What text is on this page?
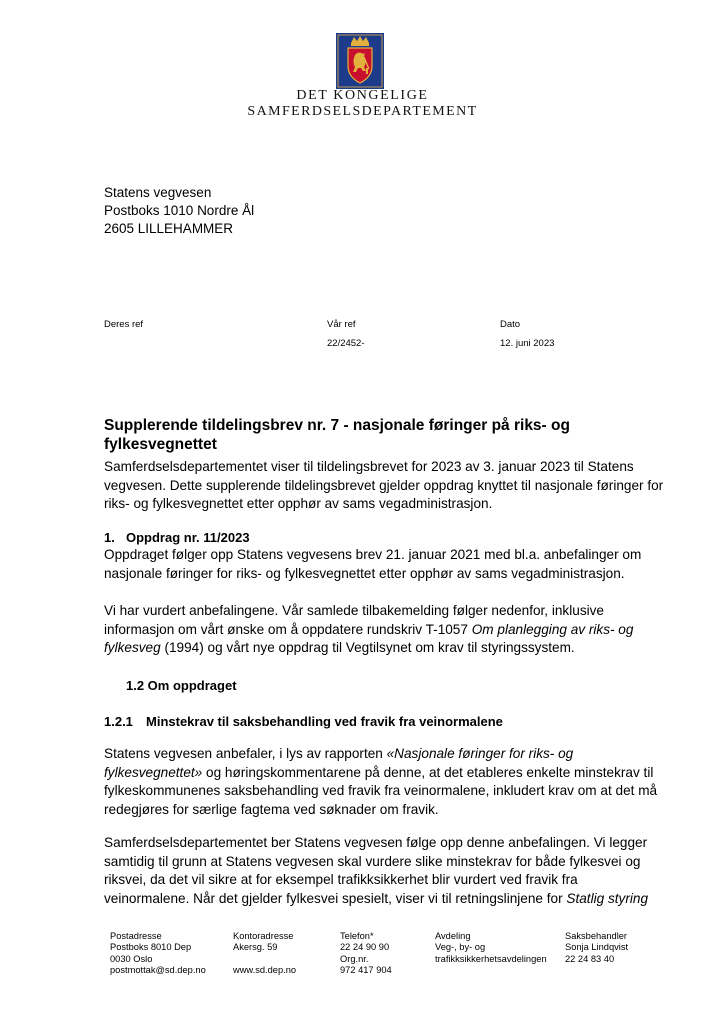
DET KONGELIGE
SAMFERDSELSDEPARTEMENT
Statens vegvesen
Postboks 1010 Nordre Ål
2605 LILLEHAMMER
Deres ref	Vår ref
22/2452-
Dato
12. juni 2023
Supplerende tildelingsbrev nr. 7 - nasjonale føringer på riks- og fylkesvegnettet

Samferdselsdepartementet viser til tildelingsbrevet for 2023 av 3. januar 2023 til Statens vegvesen. Dette supplerende tildelingsbrevet gjelder oppdrag knyttet til nasjonale føringer for riks- og fylkesvegnettet etter opphør av sams vegadministrasjon.

1. Oppdrag nr. 11/2023

Oppdraget følger opp Statens vegvesens brev 21. januar 2021 med bl.a. anbefalinger om nasjonale føringer for riks- og fylkesvegnettet etter opphør av sams vegadministrasjon.

Vi har vurdert anbefalingene. Vår samlede tilbakemelding følger nedenfor, inklusive informasjon om vårt ønske om å oppdatere rundskriv T-1057 Om planlegging av riks- og fylkesveg (1994) og vårt nye oppdrag til Vegtilsynet om krav til styringssystem.

1.2 Om oppdraget
1.2.1 Minstekrav til saksbehandling ved fravik fra veinormalene

Statens vegvesen anbefaler, i lys av rapporten «Nasjonale føringer for riks- og fylkesvegnettet» og høringskommentarene på denne, at det etableres enkelte minstekrav til fylkeskommunenes saksbehandling ved fravik fra veinormalene, inkludert krav om at det må redegjøres for særlige fagtema ved søknader om fravik.

Samferdselsdepartementet ber Statens vegvesen følge opp denne anbefalingen. Vi legger samtidig til grunn at Statens vegvesen skal vurdere slike minstekrav for både fylkesvei og riksvei, da det vil sikre at for eksempel trafikksikkerhet blir vurdert ved fravik fra veinormalene. Når det gjelder fylkesvei spesielt, viser vi til retningslinjene for Statlig styring

Postadresse
Postboks 8010 Dep
0030 Oslo
postmottak@sd.dep.no
Kontoradresse
Akersg. 59

www.sd.dep.no
Telefon*
22 24 90 90
Org.nr.
972 417 904
Avdeling
Veg-, by- og
trafikksikkerhetsavdelingen
Saksbehandler
Sonja Lindqvist
22 24 83 40
